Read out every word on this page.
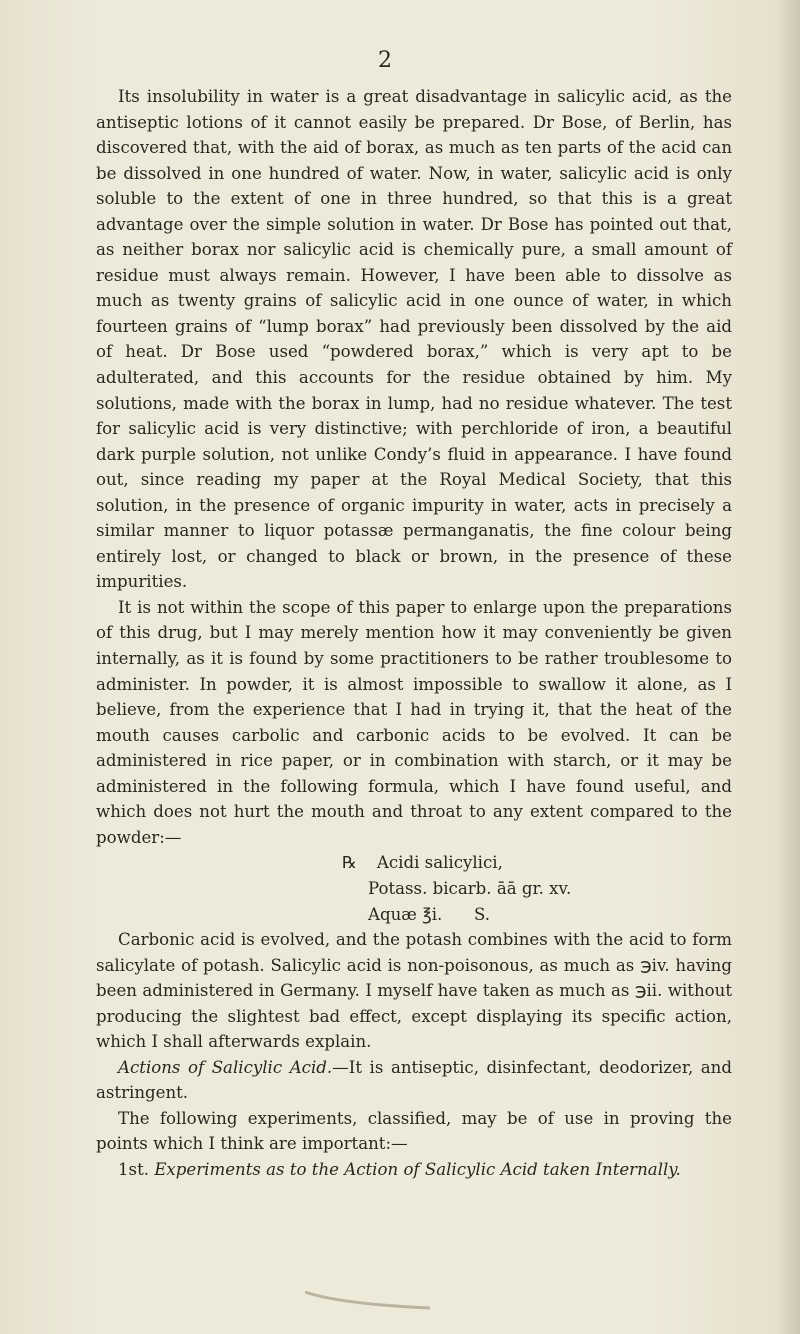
2

Its insolubility in water is a great disadvantage in salicylic acid, as the antiseptic lotions of it cannot easily be prepared. Dr Bose, of Berlin, has discovered that, with the aid of borax, as much as ten parts of the acid can be dissolved in one hundred of water. Now, in water, salicylic acid is only soluble to the extent of one in three hundred, so that this is a great advantage over the simple solution in water. Dr Bose has pointed out that, as neither borax nor salicylic acid is chemically pure, a small amount of residue must always remain. However, I have been able to dissolve as much as twenty grains of salicylic acid in one ounce of water, in which fourteen grains of “lump borax” had previously been dissolved by the aid of heat. Dr Bose used “powdered borax,” which is very apt to be adulterated, and this accounts for the residue obtained by him. My solutions, made with the borax in lump, had no residue whatever. The test for salicylic acid is very distinctive; with perchloride of iron, a beautiful dark purple solution, not unlike Condy’s fluid in appearance. I have found out, since reading my paper at the Royal Medical Society, that this solution, in the presence of organic impurity in water, acts in precisely a similar manner to liquor potassæ permanganatis, the fine colour being entirely lost, or changed to black or brown, in the presence of these impurities.

It is not within the scope of this paper to enlarge upon the preparations of this drug, but I may merely mention how it may conveniently be given internally, as it is found by some practitioners to be rather troublesome to administer. In powder, it is almost impossible to swallow it alone, as I believe, from the experience that I had in trying it, that the heat of the mouth causes carbolic and carbonic acids to be evolved. It can be administered in rice paper, or in combination with starch, or it may be administered in the following formula, which I have found useful, and which does not hurt the mouth and throat to any extent compared to the powder:—

℞ Acidi salicylici,
Potass. bicarb. āā gr. xv.
Aquæ ℥i.      S.

Carbonic acid is evolved, and the potash combines with the acid to form salicylate of potash. Salicylic acid is non-poisonous, as much as ℈iv. having been administered in Germany. I myself have taken as much as ℈ii. without producing the slightest bad effect, except displaying its specific action, which I shall afterwards explain.

Actions of Salicylic Acid.—It is antiseptic, disinfectant, deodorizer, and astringent.

The following experiments, classified, may be of use in proving the points which I think are important:—

1st. Experiments as to the Action of Salicylic Acid taken Internally.
